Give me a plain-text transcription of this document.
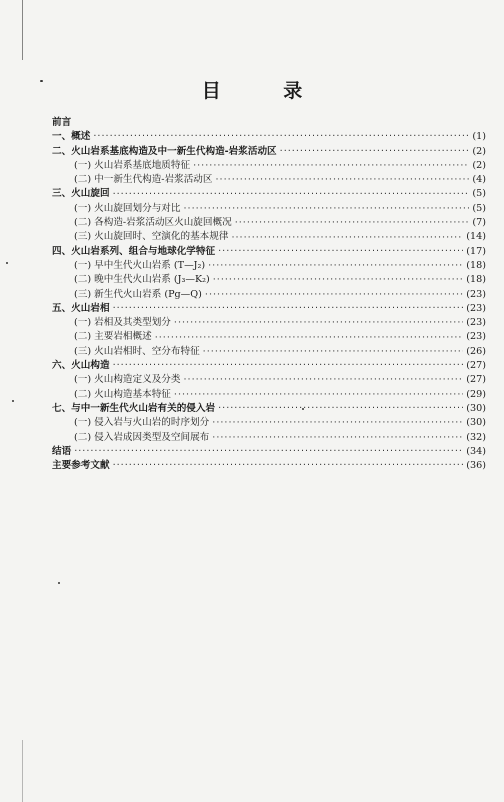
目 录
前言
一、概述 ·····	(1)
二、火山岩系基底构造及中一新生代构造-岩浆活动区 ·····	(2)
(一) 火山岩系基底地质特征 ·····	(2)
(二) 中一新生代构造-岩浆活动区 ·····	(4)
三、火山旋回 ·····	(5)
(一) 火山旋回划分与对比 ·····	(5)
(二) 各构造-岩浆活动区火山旋回概况 ·····	(7)
(三) 火山旋回时、空演化的基本规律 ·····	(14)
四、火山岩系列、组合与地球化学特征 ·····	(17)
(一) 早中生代火山岩系 (T—J₂) ·····	(18)
(二) 晚中生代火山岩系 (J₃—K₂) ·····	(18)
(三) 新生代火山岩系 (Pg—Q) ·····	(23)
五、火山岩相 ·····	(23)
(一) 岩相及其类型划分 ·····	(23)
(二) 主要岩相概述 ·····	(23)
(三) 火山岩相时、空分布特征 ·····	(26)
六、火山构造 ·····	(27)
(一) 火山构造定义及分类 ·····	(27)
(二) 火山构造基本特征 ·····	(29)
七、与中一新生代火山岩有关的侵入岩 ·····	(30)
(一) 侵入岩与火山岩的时序划分 ·····	(30)
(二) 侵入岩成因类型及空间展布 ·····	(32)
结语 ·····	(34)
主要参考文献 ·····	(36)
